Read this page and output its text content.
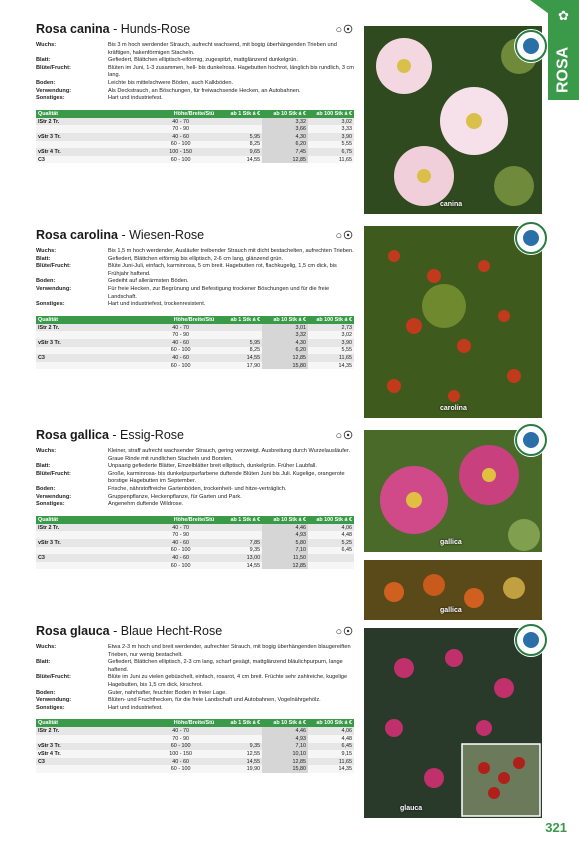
✿
ROSA
Rosa canina - Hunds-Rose	○☉
Wuchs:	Bis 3 m hoch werdender Strauch, aufrecht wachsend, mit bogig überhängenden Trieben und kräftigen, hakenförmigen Stacheln.
Blatt:	Gefiedert, Blättchen elliptisch-eiförmig, zugespitzt, mattglänzend dunkelgrün.
Blüte/Frucht:	Blüten im Juni, 1-3 zusammen, hell- bis dunkelrosa. Hagebutten hochrot, länglich bis rundlich, 3 cm lang.
Boden:	Leichte bis mittelschwere Böden, auch Kalkböden.
Verwendung:	Als Deckstrauch, an Böschungen, für freiwachsende Hecken, an Autobahnen.
Sonstiges:	Hart und industriefest.
Qualität	Höhe/Breite/Stü	ab 1 Stk á €	ab 10 Stk á €	ab 100 Stk á €
lStr 2 Tr.	40 - 70		3,32	3,02
	70 - 90		3,66	3,33
vStr 3 Tr.	40 - 60	5,95	4,30	3,90
	60 - 100	8,25	6,20	5,55
vStr 4 Tr.	100 - 150	9,65	7,45	6,75
C3	60 - 100	14,55	12,85	11,65
Rosa carolina - Wiesen-Rose	○☉
Wuchs:	Bis 1,5 m hoch werdender, Ausläufer treibender Strauch mit dicht bestachelten, aufrechten Trieben.
Blatt:	Gefiedert, Blättchen eiförmig bis elliptisch, 2-6 cm lang, glänzend grün.
Blüte/Frucht:	Blüte Juni-Juli, einfach, karminrosa, 5 cm breit. Hagebutten rot, flachkugelig, 1,5 cm dick, bis Frühjahr haftend.
Boden:	Gedeiht auf allerärmsten Böden.
Verwendung:	Für freie Hecken, zur Begrünung und Befestigung trockener Böschungen und für die freie Landschaft.
Sonstiges:	Hart und industriefest, trockenresistent.
Qualität	Höhe/Breite/Stü	ab 1 Stk á €	ab 10 Stk á €	ab 100 Stk á €
lStr 2 Tr.	40 - 70		3,01	2,73
	70 - 90		3,32	3,02
vStr 3 Tr.	40 - 60	5,95	4,30	3,90
	60 - 100	8,25	6,20	5,55
C3	40 - 60	14,55	12,85	11,65
	60 - 100	17,90	15,80	14,35
Rosa gallica - Essig-Rose	○☉
Wuchs:	Kleiner, straff aufrecht wachsender Strauch, gering verzweigt. Ausbreitung durch Wurzelausläufer. Graue Rinde mit rundlichen Stacheln und Borsten.
Blatt:	Unpaarig gefiederte Blätter, Einzelblätter breit elliptisch, dunkelgrün. Früher Laubfall.
Blüte/Frucht:	Große, karminrosa- bis dunkelpurpurfarbene duftende Blüten Juni bis Juli. Kugelige, orangerote borstige Hagebutten im September.
Boden:	Frische, nährstoffreiche Gartenböden, trockenheit- und hitze-verträglich.
Verwendung:	Gruppenpflanze, Heckenpflanze, für Garten und Park.
Sonstiges:	Angenehm duftende Wildrose.
Qualität	Höhe/Breite/Stü	ab 1 Stk á €	ab 10 Stk á €	ab 100 Stk á €
lStr 2 Tr.	40 - 70		4,46	4,06
	70 - 90		4,93	4,48
vStr 3 Tr.	40 - 60	7,85	5,80	5,25
	60 - 100	9,35	7,10	6,45
C3	40 - 60	13,00	11,50	
	60 - 100	14,55	12,85	
Rosa glauca - Blaue Hecht-Rose	○☉
Wuchs:	Etwa 2-3 m hoch und breit werdender, aufrechter Strauch, mit bogig überhängenden blaugereiften Trieben, nur wenig bestachelt.
Blatt:	Gefiedert, Blättchen elliptisch, 2-3 cm lang, scharf gesägt, mattglänzend bläulichpurpurn, lange haftend.
Blüte/Frucht:	Blüte im Juni zu vielen gebüschelt, einfach, rosarot, 4 cm breit. Früchte sehr zahlreiche, kugelige Hagebutten, bis 1,5 cm dick, kirschrot.
Boden:	Guter, nahrhafter, feuchter Boden in freier Lage.
Verwendung:	Blüten- und Fruchthecken, für die freie Landschaft und Autobahnen, Vogelnährgehölz.
Sonstiges:	Hart und industriefest.
Qualität	Höhe/Breite/Stü	ab 1 Stk á €	ab 10 Stk á €	ab 100 Stk á €
lStr 2 Tr.	40 - 70		4,46	4,06
	70 - 90		4,93	4,48
vStr 3 Tr.	60 - 100	9,35	7,10	6,45
vStr 4 Tr.	100 - 150	12,55	10,10	9,15
C3	40 - 60	14,55	12,85	11,65
	60 - 100	19,90	15,80	14,35
canina
carolina
gallica
gallica
glauca
321
